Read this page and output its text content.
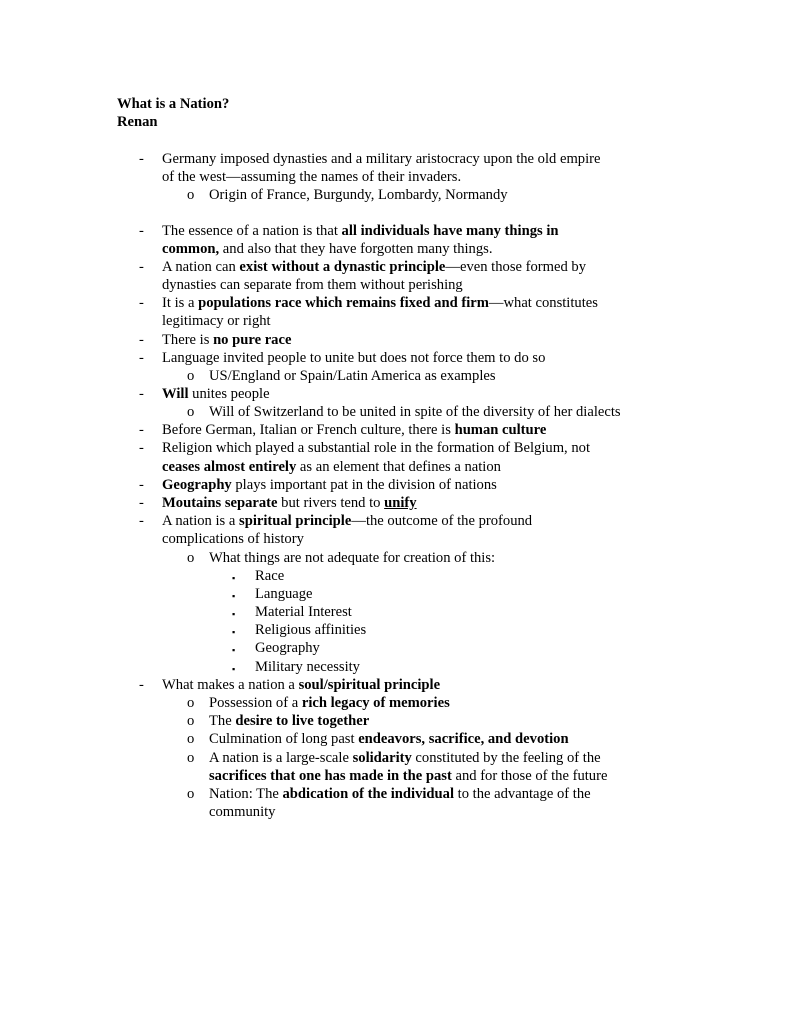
What is a Nation?
Renan
- Germany imposed dynasties and a military aristocracy upon the old empire
of the west—assuming the names of their invaders.
o Origin of France, Burgundy, Lombardy, Normandy
- The essence of a nation is that all individuals have many things in
common, and also that they have forgotten many things.
- A nation can exist without a dynastic principle—even those formed by
dynasties can separate from them without perishing
- It is a populations race which remains fixed and firm—what constitutes
legitimacy or right
- There is no pure race
- Language invited people to unite but does not force them to do so
o US/England or Spain/Latin America as examples
- Will unites people
o Will of Switzerland to be united in spite of the diversity of her dialects
- Before German, Italian or French culture, there is human culture
- Religion which played a substantial role in the formation of Belgium, not
ceases almost entirely as an element that defines a nation
- Geography plays important pat in the division of nations
- Moutains separate but rivers tend to unify
- A nation is a spiritual principle—the outcome of the profound
complications of history
o What things are not adequate for creation of this:
▪ Race
▪ Language
▪ Material Interest
▪ Religious affinities
▪ Geography
▪ Military necessity
- What makes a nation a soul/spiritual principle
o Possession of a rich legacy of memories
o The desire to live together
o Culmination of long past endeavors, sacrifice, and devotion
o A nation is a large-scale solidarity constituted by the feeling of the
sacrifices that one has made in the past and for those of the future
o Nation: The abdication of the individual to the advantage of the
community
